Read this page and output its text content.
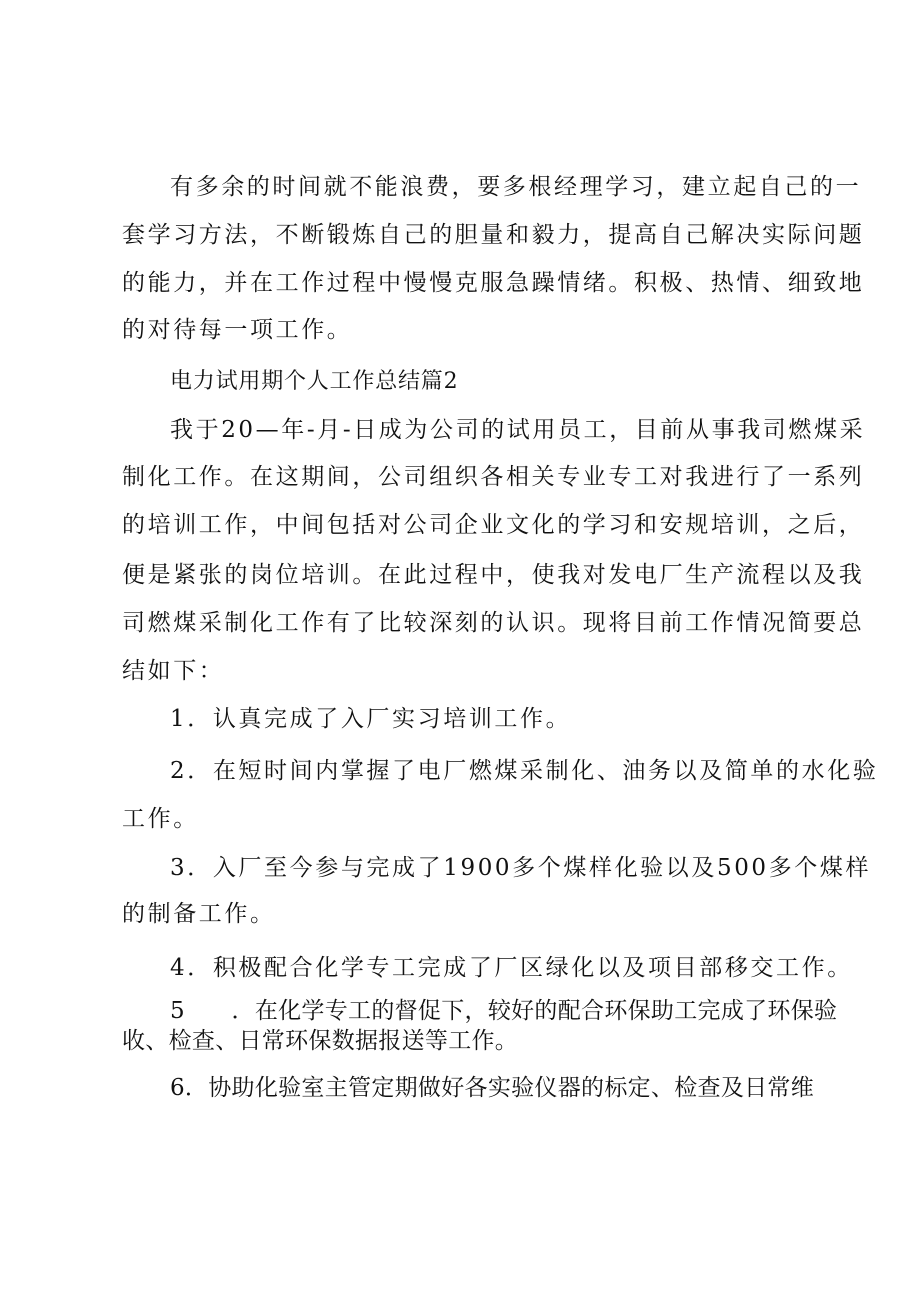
有多余的时间就不能浪费，要多根经理学习，建立起自己的一
套学习方法，不断锻炼自己的胆量和毅力，提高自己解决实际问题
的能力，并在工作过程中慢慢克服急躁情绪。积极、热情、细致地
的对待每一项工作。
电力试用期个人工作总结篇2
我于20—年-月-日成为公司的试用员工，目前从事我司燃煤采
制化工作。在这期间，公司组织各相关专业专工对我进行了一系列
的培训工作，中间包括对公司企业文化的学习和安规培训，之后，
便是紧张的岗位培训。在此过程中，使我对发电厂生产流程以及我
司燃煤采制化工作有了比较深刻的认识。现将目前工作情况简要总
结如下：
1．认真完成了入厂实习培训工作。
2．在短时间内掌握了电厂燃煤采制化、油务以及简单的水化验
工作。
3．入厂至今参与完成了1900多个煤样化验以及500多个煤样
的制备工作。
4．积极配合化学专工完成了厂区绿化以及项目部移交工作。
5　　．在化学专工的督促下，较好的配合环保助工完成了环保验
收、检查、日常环保数据报送等工作。
6．协助化验室主管定期做好各实验仪器的标定、检查及日常维
